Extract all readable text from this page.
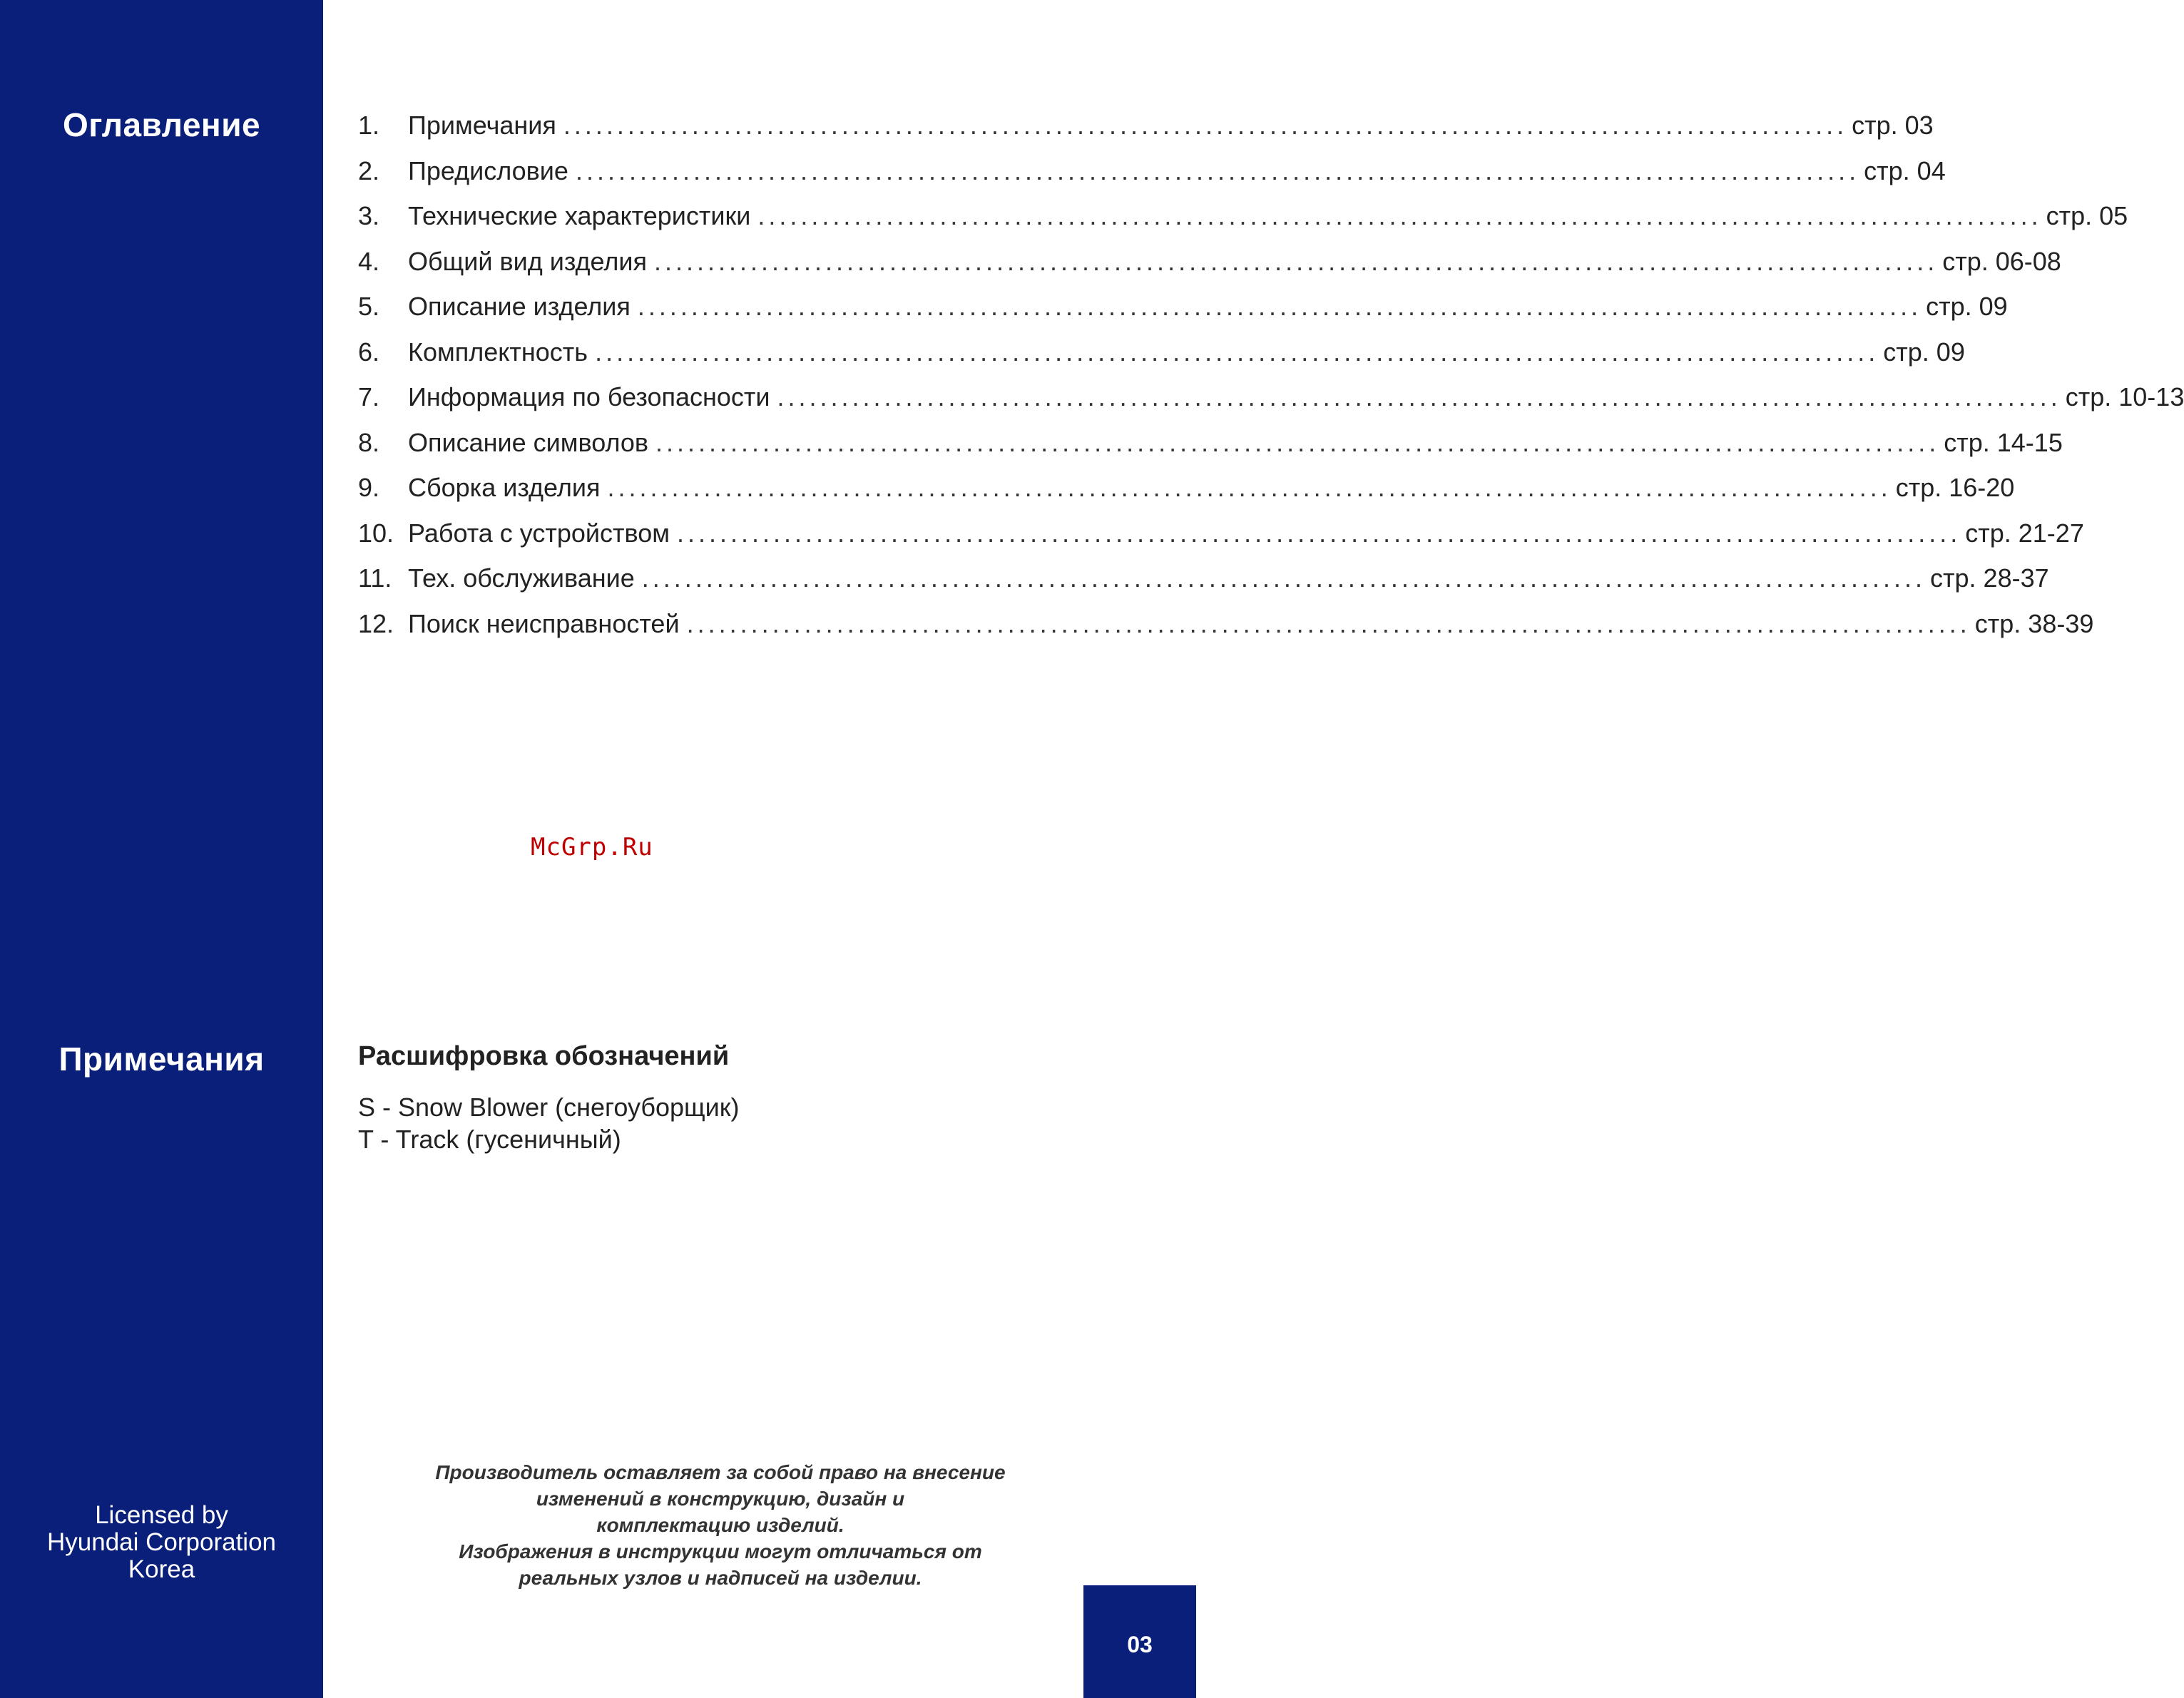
Оглавление
Примечания
Licensed by
Hyundai Corporation
Korea
1.	Примечания ........................................................................................................................ стр. 03
2.	Предисловие ........................................................................................................................ стр. 04
3.	Технические характеристики ........................................................................................................................ стр. 05
4.	Общий вид изделия ........................................................................................................................ стр. 06-08
5.	Описание изделия ........................................................................................................................ стр. 09
6.	Комплектность ........................................................................................................................ стр. 09
7.	Информация по безопасности ........................................................................................................................ стр. 10-13
8.	Описание символов ........................................................................................................................ стр. 14-15
9.	Сборка изделия ........................................................................................................................ стр. 16-20
10. Работа с устройством ........................................................................................................................ стр. 21-27
11. Тех. обслуживание ........................................................................................................................ стр. 28-37
12. Поиск неисправностей ........................................................................................................................ стр. 38-39
McGrp.Ru
Расшифровка обозначений
S - Snow Blower (снегоуборщик)
T - Track (гусеничный)
Производитель оставляет за собой право на внесение
изменений в конструкцию, дизайн и
комплектацию изделий.
Изображения в инструкции могут отличаться от
реальных узлов и надписей на изделии.
03
